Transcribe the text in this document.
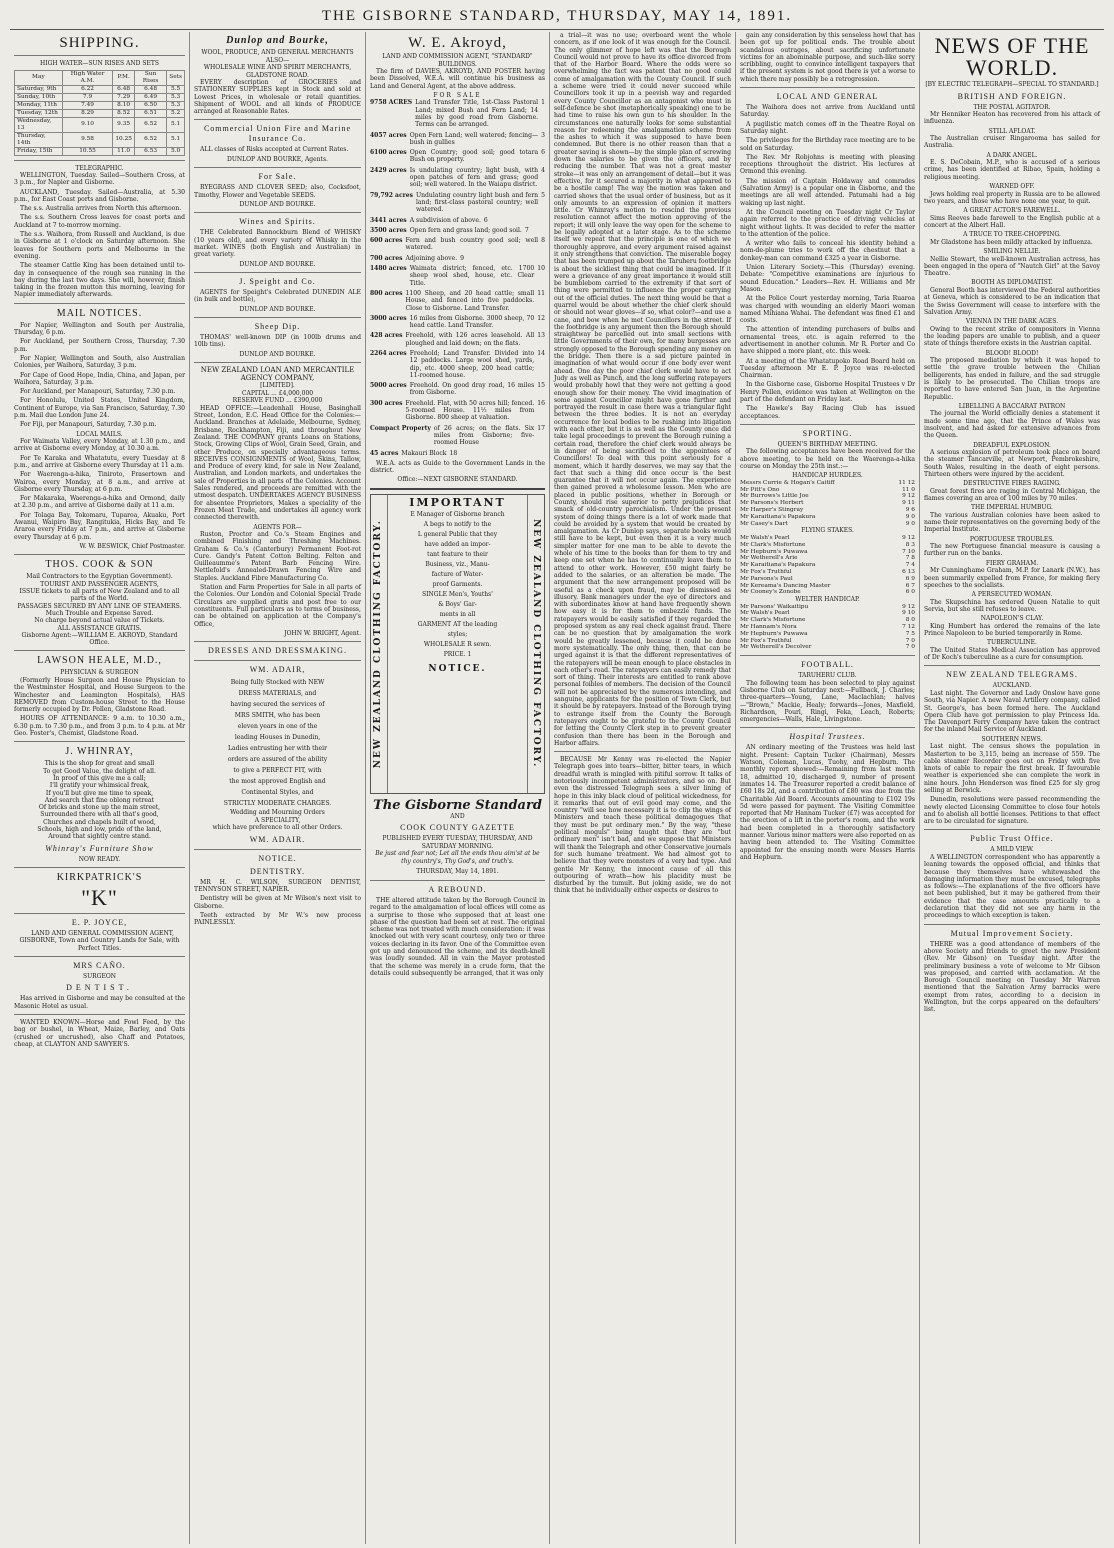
THE GISBORNE STANDARD, THURSDAY, MAY 14, 1891.
SHIPPING.
HIGH WATER—SUN RISES AND SETS
May	High Water A.M.	P.M.	Sun Rises	Sets
Saturday, 9th	6.22	6.48	6.48	5.5
Sunday, 10th	7.9	7.29	6.49	5.3
Monday, 11th	7.49	8.10	6.50	5.3
Tuesday, 12th	8.29	8.52	6.51	5.2
Wednesday, 13	9.10	9.35	6.52	5.1
Thursday, 14th	9.58	10.25	6.52	5.1
Friday, 15th	10.55	11.0	6.53	5.0
TELEGRAPHIC.

WELLINGTON, Tuesday. Sailed—Southern Cross, at 3 p.m., for Napier and Gisborne.

AUCKLAND, Tuesday. Sailed—Australia, at 5.30 p.m., for East Coast ports and Gisborne.

The s.s. Australia arrives from North this afternoon.

The s.s. Southern Cross leaves for coast ports and Auckland at 7 to-morrow morning.

The s.s. Waihora, from Russell and Auckland, is due in Gisborne at 1 o'clock on Saturday afternoon. She leaves for Southern ports and Melbourne in the evening.

The steamer Cattle King has been detained until to-day in consequence of the rough sea running in the bay during the last two days. She will, however, finish taking in the frozen mutton this morning, leaving for Napier immediately afterwards.

MAIL NOTICES.

For Napier, Wellington and South per Australia, Thursday, 6 p.m.

For Auckland, per Southern Cross, Thursday, 7.30 p.m.

For Napier, Wellington and South, also Australian Colonies, per Waihora, Saturday, 3 p.m.

For Cape of Good Hope, India, China, and Japan, per Waihora, Saturday, 3 p.m.

For Auckland, per Manapouri, Saturday, 7.30 p.m.

For Honolulu, United States, United Kingdom, Continent of Europe, via San Francisco, Saturday, 7.30 p.m. Mail due London June 24.

For Fiji, per Manapouri, Saturday, 7.30 p.m.

LOCAL MAILS.

For Waimata Valley, every Monday, at 1.30 p.m., and arrive at Gisborne every Monday, at 10.30 a.m.

For Te Karaka and Whatatutu, every Tuesday at 8 p.m., and arrive at Gisborne every Thursday at 11 a.m.

For Waerenga-a-hika, Tiniroto, Frasertown and Wairoa, every Monday, at 8 a.m., and arrive at Gisborne every Thursday, at 6 p.m.

For Makaraka, Waerenga-a-hika and Ormond, daily at 2.30 p.m., and arrive at Gisborne daily at 11 a.m.

For Tolaga Bay, Tokomaru, Tuparoa, Akuaku, Port Awanui, Waipiro Bay, Rangitukia, Hicks Bay, and Te Araroa every Friday at 7 p.m., and arrive at Gisborne every Thursday at 6 p.m.

W. W. BESWICK, Chief Postmaster.
THOS. COOK & SON
Mail Contractors to the Egyptian Government).
TOURIST AND PASSENGER AGENTS,
ISSUE tickets to all parts of New Zealand and to all parts of the World.
PASSAGES SECURED BY ANY LINE OF STEAMERS.
Much Trouble and Expense Saved.
No charge beyond actual value of Tickets.
ALL ASSISTANCE GRATIS.
Gisborne Agent:—WILLIAM E. AKROYD, Standard Office.
LAWSON HEALE, M.D.,
PHYSICIAN & SURGEON

(Formerly House Surgeon and House Physician to the Westminster Hospital, and House Surgeon to the Winchester and Leamington Hospitals), HAS REMOVED from Custom-house Street to the House formerly occupied by Dr. Pollen, Gladstone Road.

HOURS OF ATTENDANCE: 9 a.m. to 10.30 a.m., 6.30 p.m. to 7.30 p.m., and from 3 p.m. to 4 p.m. at Mr Geo. Foster's, Chemist, Gladstone Road.

J. WHINRAY,
This is the shop for great and small
To get Good Value, the delight of all.
In proof of this give me a call;
I'll gratify your whimsical freak,
If you'll but give me time to speak,
And search that fine oblong retreat
Of bricks and stone up the main street,
Surrounded there with all that's good,
Churches and chapels built of wood,
Schools, high and low, pride of the land,
Around that sightly centre stand.
Whinray's Furniture Show
NOW READY.
KIRKPATRICK'S
"K"
E. P. JOYCE,

LAND AND GENERAL COMMISSION AGENT, GISBORNE, Town and Country Lands for Sale, with Perfect Titles.

MRS CAÑO.
SURGEON
DENTIST.

Has arrived in Gisborne and may be consulted at the Masonic Hotel as usual.

WANTED KNOWN—Horse and Fowl Feed, by the bag or bushel, in Wheat, Maize, Barley, and Oats (crushed or uncrushed), also Chaff and Potatoes, cheap, at CLAYTON AND SAWYER'S.

Dunlop and Bourke,
WOOL, PRODUCE, AND GENERAL MERCHANTS
ALSO—
WHOLESALE WINE AND SPIRIT MERCHANTS,
GLADSTONE ROAD.

EVERY description of GROCERIES and STATIONERY SUPPLIES kept in Stock and sold at Lowest Prices, in wholesale or retail quantities. Shipment of WOOL and all kinds of PRODUCE arranged at Reasonable Rates.

Commercial Union Fire and Marine Insurance Co.

ALL classes of Risks accepted at Current Rates.

DUNLOP AND BOURKE, Agents.
For Sale.

RYEGRASS AND CLOVER SEED; also, Cocksfoot, Timothy, Flower and Vegetable SEEDS.

DUNLOP AND BOURKE.
Wines and Spirits.

THE Celebrated Bannockburn Blend of WHISKY (10 years old), and every variety of Whisky in the market. WINES (both English and Australian) in great variety.

DUNLOP AND BOURKE.
J. Speight and Co.

AGENTS for Speight's Celebrated DUNEDIN ALE (in bulk and bottle),

DUNLOP AND BOURKE.
Sheep Dip.

THOMAS' well-known DIP (in 100lb drums and 10lb tins).

DUNLOP AND BOURKE.
NEW ZEALAND LOAN AND MERCANTILE AGENCY COMPANY,
[LIMITED].
CAPITAL ... £4,000,000
RESERVE FUND ... £390,000

HEAD OFFICE:—Leadenhall House, Basinghall Street, London, E.C. Head Office for the Colonies:—Auckland. Branches at Adelaide, Melbourne, Sydney, Brisbane, Rockhampton, Fiji, and throughout New Zealand. THE COMPANY grants Loans on Stations, Stock, Growing Clips of Wool, Grain Seed, Grain, and other Produce, on specially advantageous terms. RECEIVES CONSIGNMENTS of Wool, Skins, Tallow, and Produce of every kind, for sale in New Zealand, Australian, and London markets, and undertakes the sale of Properties in all parts of the Colonies. Account Sales rendered, and proceeds are remitted with the utmost despatch. UNDERTAKES AGENCY BUSINESS for absentee Proprietors, Makes a speciality of the Frozen Meat Trade, and undertakes all agency work connected therewith.

AGENTS FOR—

Ruston, Proctor and Co.'s Steam Engines and combined Finishing and Threshing Machines. Graham & Co.'s (Canterbury) Permanent Foot-rot Cure. Gandy's Patent Cotton Belting. Felton and Guilleaumme's Patent Barb Fencing Wire. Nettlefold's Annealed-Drawn Fencing Wire and Staples. Auckland Fibre Manufacturing Co.

Station and Farm Properties for Sale in all parts of the Colonies. Our London and Colonial Special Trade Circulars are supplied gratis and post free to our constituents. Full particulars as to terms of business, can be obtained on application at the Company's Office,

JOHN W. BRIGHT, Agent.
DRESSES AND DRESSMAKING.
WM. ADAIR,
Being fully Stocked with NEW
DRESS MATERIALS, and
having secured the services of
MRS SMITH, who has been
eleven years in one of the
leading Houses in Dunedin,
Ladies entrusting her with their
orders are assured of the ability
to give a PERFECT FIT, with
the most approved English and
Continental Styles, and
STRICTLY MODERATE CHARGES.
Wedding and Mourning Orders
A SPECIALITY,
which have preference to all other Orders.
WM. ADAIR.
NOTICE.
DENTISTRY.

MR H. C. WILSON, SURGEON DENTIST, TENNYSON STREET, NAPIER.

Dentistry will be given at Mr Wilson's next visit to Gisborne.

Teeth extracted by Mr W.'s new process PAINLESSLY.

W. E. Akroyd,
LAND AND COMMISSION AGENT, "STANDARD" BUILDINGS.

The firm of DAVIES, AKROYD, AND FOSTER having been Dissolved, W.E.A. will continue his business as Land and General Agent, at the above address.

FOR SALE
9758 ACRES Land Transfer Title, 1st-Class Pastoral Land; mixed Bush and Fern Land; 14 miles by good road from Gisborne. Terms can be arranged.
1
4057 acres Open Fern Land; well watered; fencing—bush in gullies
3
6100 acres Open Country; good soil; good totara Bush on property.
6
2429 acres Is undulating country; light bush, with open patches of fern and grass; good soil; well watered. In the Waiapu district.
4
79,792 acres Undulating country light bush and fern land; first-class pastoral country; well watered.
5
3441 acres A subdivision of above. 6
3500 acres Open fern and grass land; good soil. 7
600 acres Fern and bush country good soil; well watered.
8
700 acres Adjoining above. 9
1480 acres Waimata district; fenced, etc. 1700 sheep wool shed, house, etc. Clear Title.
10
800 acres 1100 Sheep, and 20 head cattle; small House, and fenced into five paddocks. Close to Gisborne. Land Transfer.
11
3000 acres 16 miles from Gisborne. 3000 sheep, 70 head cattle. Land Transfer.
12
428 acres Freehold, with 126 acres leasehold. All ploughed and laid down; on the flats.
13
2264 acres Freehold; Land Transfer. Divided into 12 paddocks. Large wool shed, yards, dip, etc. 4000 sheep, 200 head cattle; 11-roomed house.
14
5000 acres Freehold. On good dray road, 16 miles from Gisborne.
15
300 acres Freehold. Flat, with 50 acres hill; fenced. 5-roomed House. 11½ miles from Gisborne. 800 sheep at valuation.
16
Compact Property of 26 acres; on the flats. Six miles from Gisborne; five-roomed House
17
45 acres Makauri Block 18

W.E.A. acts as Guide to the Government Lands in the district.

Office:—NEXT GISBORNE STANDARD.
NEW ZEALAND CLOTHING FACTORY.
IMPORTANT
E Manager of Gisborne branch
A begs to notify to the
L general Public that they
have added an impor-
tant feature to their
Business, viz., Manu-
facture of Water-
proof Garments.
SINGLE Men's, Youths'
& Boys' Gar-
ments in all
GARMENT AT the leading
styles;
WHOLESALE R sewn.
PRICE. 1
NOTICE.	NEW ZEALAND CLOTHING FACTORY.
The Gisborne Standard
AND
COOK COUNTY GAZETTE
PUBLISHED EVERY TUESDAY, THURSDAY, AND SATURDAY MORNING.
Be just and fear not; Let all the ends thou aim'st at be thy country's, Thy God's, and truth's.
THURSDAY, May 14, 1891.
A REBOUND.

THE altered attitude taken by the Borough Council in regard to the amalgamation of local offices will come as a surprise to those who supposed that at least one phase of the question had been set at rest. The original scheme was not treated with much consideration: it was knocked out with very scant courtesy, only two or three voices declaring in its favor. One of the Committee even got up and denounced the scheme, and its death-knell was loudly sounded. All in vain the Mayor protested that the scheme was merely in a crude form, that the details could subsequently be arranged, that it was only

a trial—it was no use; overboard went the whole concern, as if one look of it was enough for the Council. The only glimmer of hope left was that the Borough Council would not prove to have its office divorced from that of the Harbor Board. Where the odds were so overwhelming the fact was patent that no good could come of amalgamation with the County Council. If such a scheme were tried it could never succeed while Councillors took it up in a peevish way and regarded every County Councillor as an antagonist who must in self-defence be shot (metaphorically speaking) one to be had time to raise his own gun to his shoulder. In the circumstances one naturally looks for some substantial reason for redeeming the amalgamation scheme from the ashes to which it was supposed to have been condemned. But there is no other reason than that a greater saving is shown—by the simple plan of screwing down the salaries to be given the officers, and by reducing the number. That was not a great master stroke—it was only an arrangement of detail—but it was effective, for it secured a majority in what appeared to be a hostile camp! The way the motion was taken and carried shows that the usual order of business, but as it only amounts to an expression of opinion it matters little. Cr Whinray's motion to rescind the previous resolution cannot affect the motion approving of the report; it will only leave the way open for the scheme to be legally adopted at a later stage. As to the scheme itself we repeat that the principle is one of which we thoroughly approve, and every argument raised against it only strengthens that conviction. The miserable bogey that has been trumped up about the Taruheru footbridge is about the sickliest thing that could be imagined. If it were a grievance of any great importance it would still be bumblebom carried to the extremity if that sort of thing were permitted to influence the proper carrying out of the official duties. The next thing would be that a quarrel would be about whether the chief clerk should or should not wear gloves—if so, what color?—and use a cane, and bow when he met Councillors in the street. If the footbridge is any argument then the Borough should straightway be parcelled out into small sections with little Governments of their own, for many burgesses are strongly opposed to the Borough spending any money on the bridge. Then there is a sad picture painted in imagination of what would occur if one body ever went ahead. One day the poor chief clerk would have to act Judy as well as Punch, and the long suffering ratepayers would probably howl that they were not getting a good enough show for their money. The vivid imagination of some against Councillor might have gone further and portrayed the result in case there was a triangular fight between the three bodies. It is not an everyday occurrence for local bodies to be rushing into litigation with each other, but it is as well as the County once did take legal proceedings to prevent the Borough ruining a certain road, therefore the chief clerk would always be in danger of being sacrificed to the appointees of Councillors! To deal with this point seriously for a moment, which it hardly deserves, we may say that the fact that such a thing did once occur is the best guarantee that it will not occur again. The experience then gained proved a wholesome lesson. Men who are placed in public positions, whether in Borough or County, should rise superior to petty prejudices that smack of old-country parochialism. Under the present system of doing things there is a lot of work made that could be avoided by a system that would be created by amalgamation. As Cr Dunlop says, separate books would still have to be kept, but even then it is a very much simpler matter for one man to be able to devote the whole of his time to the books than for them to try and keep one set when he has to continually leave them to attend to other work. However, £50 might fairly be added to the salaries, or an alteration be made. The argument that the new arrangement proposed will be useful as a check upon fraud, may be dismissed as illusory. Bank managers under the eye of directors and with subordinates know at hand have frequently shown how easy it is for them to embezzle funds. The ratepayers would be easily satisfied if they regarded the proposed system as any real check against fraud. There can be no question that by amalgamation the work would be greatly lessened, because it could be done more systematically. The only thing, then, that can be urged against it is that the different representatives of the ratepayers will be mean enough to place obstacles in each other's road. The ratepayers can easily remedy that sort of thing. Their interests are entitled to rank above personal foibles of members. The decision of the Council will not be appreciated by the numerous intending, and sanguine, applicants for the position of Town Clerk, but it should be by ratepayers. Instead of the Borough trying to estrange itself from the County the Borough ratepayers ought to be grateful to the County Council for letting the County Clerk step in to prevent greater confusion than there has been in the Borough and Harbor affairs.

BECAUSE Mr Kenny was re-elected the Napier Telegraph goes into tears—bitter, bitter tears, in which dreadful wrath is mingled with pitiful sorrow. It talks of notoriously incompetent administrators, and so on. But even the distressed Telegraph sees a silver lining of hope in this inky black cloud of political wickedness, for it remarks that out of evil good may come, and the country "will see how necessary it is to clip the wings of Ministers and teach these political demagogues that they must be put ordinary men." By the way, "these political moguls" being taught that they are "but ordinary men" isn't bad, and we suppose that Ministers will thank the Telegraph and other Conservative journals for such humane treatment. We had almost got to believe that they were monsters of a very bad type. And gentle Mr Kenny, the innocent cause of all this outpouring of wrath—how his placidity must be disturbed by the tumult. But joking aside, we do not think that he individually either expects or desires to

gain any consideration by this senseless howl that has been got up for political ends. The trouble about scandalous outrages, about sacrificing unfortunate victims for an abominable purpose, and such-like sorry scribbling, ought to convince intelligent taxpayers that if the present system is not good there is yet a worse to which there may possibly be a retrogression.

LOCAL AND GENERAL

The Waihora does not arrive from Auckland until Saturday.

A pugilistic match comes off in the Theatre Royal on Saturday night.

The privileges for the Birthday race meeting are to be sold on Saturday.

The Rev. Mr Robjohns is meeting with pleasing receptions throughout the district. His lectures at Ormond this evening.

The mission of Captain Holdaway and comrades (Salvation Army) is a popular one in Gisborne, and the meetings are all well attended. Patumahi had a big waking up last night.

At the Council meeting on Tuesday night Cr Taylor again referred to the practice of driving vehicles at night without lights. It was decided to refer the matter to the attention of the police.

A writer who fails to conceal his identity behind a nom-de-plume tries to work off the chestnut that a donkey-man can command £325 a year in Gisborne.

Union Literary Society.—This (Thursday) evening. Debate: "Competitive examinations are injurious to sound Education." Leaders—Rev. H. Williams and Mr Mason.

At the Police Court yesterday morning, Taria Ruaroa was charged with wounding an elderly Maori woman named Mihiana Wahai. The defendant was fined £1 and costs.

The attention of intending purchasers of bulbs and ornamental trees, etc. is again referred to the advertisement in another column. Mr R. Porter and Co have shipped a more plant, etc. this week.

At a meeting of the Whatatupoko Road Board held on Tuesday afternoon Mr E. P. Joyce was re-elected Chairman.

In the Gisborne case, Gisborne Hospital Trustees v Dr Henry Pollen, evidence was taken at Wellington on the part of the defendant on Friday last.

The Hawke's Bay Racing Club has issued acceptances.

SPORTING.
QUEEN'S BIRTHDAY MEETING.

The following acceptances have been received for the above meeting, to be held on the Waerenga-a-hika course on Monday the 25th inst.:—

HANDICAP HURDLES.
Messrs Currie & Hogan's Caitiff	11 12
Mr Pitt's Ono	11 0
Mr Burrows's Little Joe	9 12
Mr Parsons's Herbert	9 11
Mr Harper's Stingray	9 6
Mr Karaitiana's Papakura	9 0
Mr Casey's Dart	9 0
FLYING STAKES.
Mr Walsh's Pearl	9 12
Mr Clark's Misfortune	8 3
Mr Hepburn's Puwawa	7 10
Mr Wetherell's Arie	7 8
Mr Karaitiana's Papakura	7 4
Mr Fox's Truthful	6 13
Mr Parsons's Paul	6 9
Mr Kereama's Dancing Master	6 7
Mr Cooney's Zonobe	6 0
WELTER HANDICAP.
Mr Parsons' Waikaitipu	9 12
Mr Walsh's Pearl	9 10
Mr Clark's Misfortune	8 0
Mr Hannam's Nora	7 12
Mr Hepburn's Puwawa	7 5
Mr Fox's Truthful	7 0
Mr Wetherell's Decolver	7 0
FOOTBALL.
TARUHERU CLUB.

The following team has been selected to play against Gisborne Club on Saturday next:—Fullback, J. Charles; three-quarters—Young, Lane, Maclachlan; halves—"Brown," Mackie, Healy; forwards—Jones, Maxfield, Richardson, Pourl, Ringi, Feka, Leach, Roberts; emergencies—Walls, Hale, Livingstone.

Hospital Trustees.

AN ordinary meeting of the Trustees was held last night. Present: Captain Tucker (Chairman), Messrs Watson, Coleman, Lucas, Tuohy, and Hepburn. The monthly report showed:—Remaining from last month 18, admitted 10, discharged 9, number of present inmates 14. The Treasurer reported a credit balance of £60 18s 2d, and a contribution of £80 was due from the Charitable Aid Board. Accounts amounting to £102 19s 5d were passed for payment. The Visiting Committee reported that Mr Hannam Tucker (£7) was accepted for the erection of a lift in the porter's room, and the work had been completed in a thoroughly satisfactory manner. Various minor matters were also reported on as having been attended to. The Visiting Committee appointed for the ensuing month were Messrs Harris and Hepburn.

NEWS OF THE WORLD.
[BY ELECTRIC TELEGRAPH—SPECIAL TO STANDARD.]
BRITISH AND FOREIGN.
THE POSTAL AGITATOR.

Mr Henniker Heaton has recovered from his attack of influenza.

STILL AFLOAT.

The Australian cruiser Ringarooma has sailed for Australia.

A DARK ANGEL.

E. S. DeCobain, M.P., who is accused of a serious crime, has been identified at Ribao, Spain, holding a religious meeting.

WARNED OFF.

Jews holding real property in Russia are to be allowed two years, and those who have none one year, to quit.

A GREAT ACTOR'S FAREWELL.

Sims Reeves bade farewell to the English public at a concert at the Albert Hall.

A TRUCE TO TREE-CHOPPING.

Mr Gladstone has been mildly attacked by influenza.

SMILING NELLIE.

Nellie Stewart, the well-known Australian actress, has been engaged in the opera of "Nautch Girl" at the Savoy Theatre.

BOOTH AS DIPLOMATIST.

General Booth has interviewed the Federal authorities at Geneva, which is considered to be an indication that the Swiss Government will cease to interfere with the Salvation Army.

VIENNA IN THE DARK AGES.

Owing to the recent strike of compositors in Vienna the leading papers are unable to publish, and a queer state of things therefore exists in the Austrian capital.

BLOOD! BLOOD!

The proposed mediation by which it was hoped to settle the grave trouble between the Chilian belligerents, has ended in failure, and the sad struggle is likely to be prosecuted. The Chilian troops are reported to have entered San Juan, in the Argentine Republic.

LIBELLING A BACCARAT PATRON

The journal the World officially denies a statement it made some time ago, that the Prince of Wales was insolvent, and had asked for extensive advances from the Queen.

DREADFUL EXPLOSION.

A serious explosion of petroleum took place on board the steamer Tancarville, at Newport, Pembrokeshire, South Wales, resulting in the death of eight persons. Thirteen others were injured by the accident.

DESTRUCTIVE FIRES RAGING.

Great forest fires are raging in Central Michigan, the flames covering an area of 100 miles by 70 miles.

THE IMPERIAL HUMBUG.

The various Australian colonies have been asked to name their representatives on the governing body of the Imperial Institute.

PORTUGUESE TROUBLES.

The new Portuguese financial measure is causing a further run on the banks.

FIERY GRAHAM.

Mr Cunninghame Graham, M.P. for Lanark (N.W.), has been summarily expelled from France, for making fiery speeches to the socialists.

A PERSECUTED WOMAN.

The Skupschina has ordered Queen Natalie to quit Servia, but she still refuses to leave.

NAPOLEON'S CLAY.

King Humbert has ordered the remains of the late Prince Napoleon to be buried temporarily in Rome.

TUBERCULINE.

The United States Medical Association has approved of Dr Koch's tuberculine as a cure for consumption.

NEW ZEALAND TELEGRAMS.
AUCKLAND.

Last night. The Governor and Lady Onslow have gone South, via Napier. A new Naval Artillery company, called St. George's, has been formed here. The Auckland Opera Club have got permission to play Princess Ida. The Davenport Ferry Company have taken the contract for the inland Mail Service of Auckland.

SOUTHERN NEWS.

Last night. The census shows the population in Masterton to be 3,115, being an increase of 559. The cable steamer Recorder goes out on Friday with five knots of cable to repair the first break. If favourable weather is experienced she can complete the work in nine hours. John Henderson was fined £25 for sly grog selling at Berwick.

Dunedin, resolutions were passed recommending the newly elected Licensing Committee to close four hotels and to abolish all bottle licenses. Petitions to that effect are to be circulated for signature.

Public Trust Office.
A MILD VIEW.

A WELLINGTON correspondent who has apparently a leaning towards the opposed official, and thinks that because they themselves have whitewashed the damaging information they must be excused, telegraphs as follows:—The explanations of the five officers have not been published, but it may be gathered from their evidence that the case amounts practically to a declaration that they did not see any harm in the proceedings to which exception is taken.

Mutual Improvement Society.

THERE was a good attendance of members of the above Society and friends to greet the new President (Rev. Mr Gibson) on Tuesday night. After the preliminary business a vote of welcome to Mr Gibson was proposed, and carried with acclamation. At the Borough Council meeting on Tuesday Mr Warren mentioned that the Salvation Army barracks were exempt from rates, according to a decision in Wellington, but the corps appeared on the defaulters' list.
